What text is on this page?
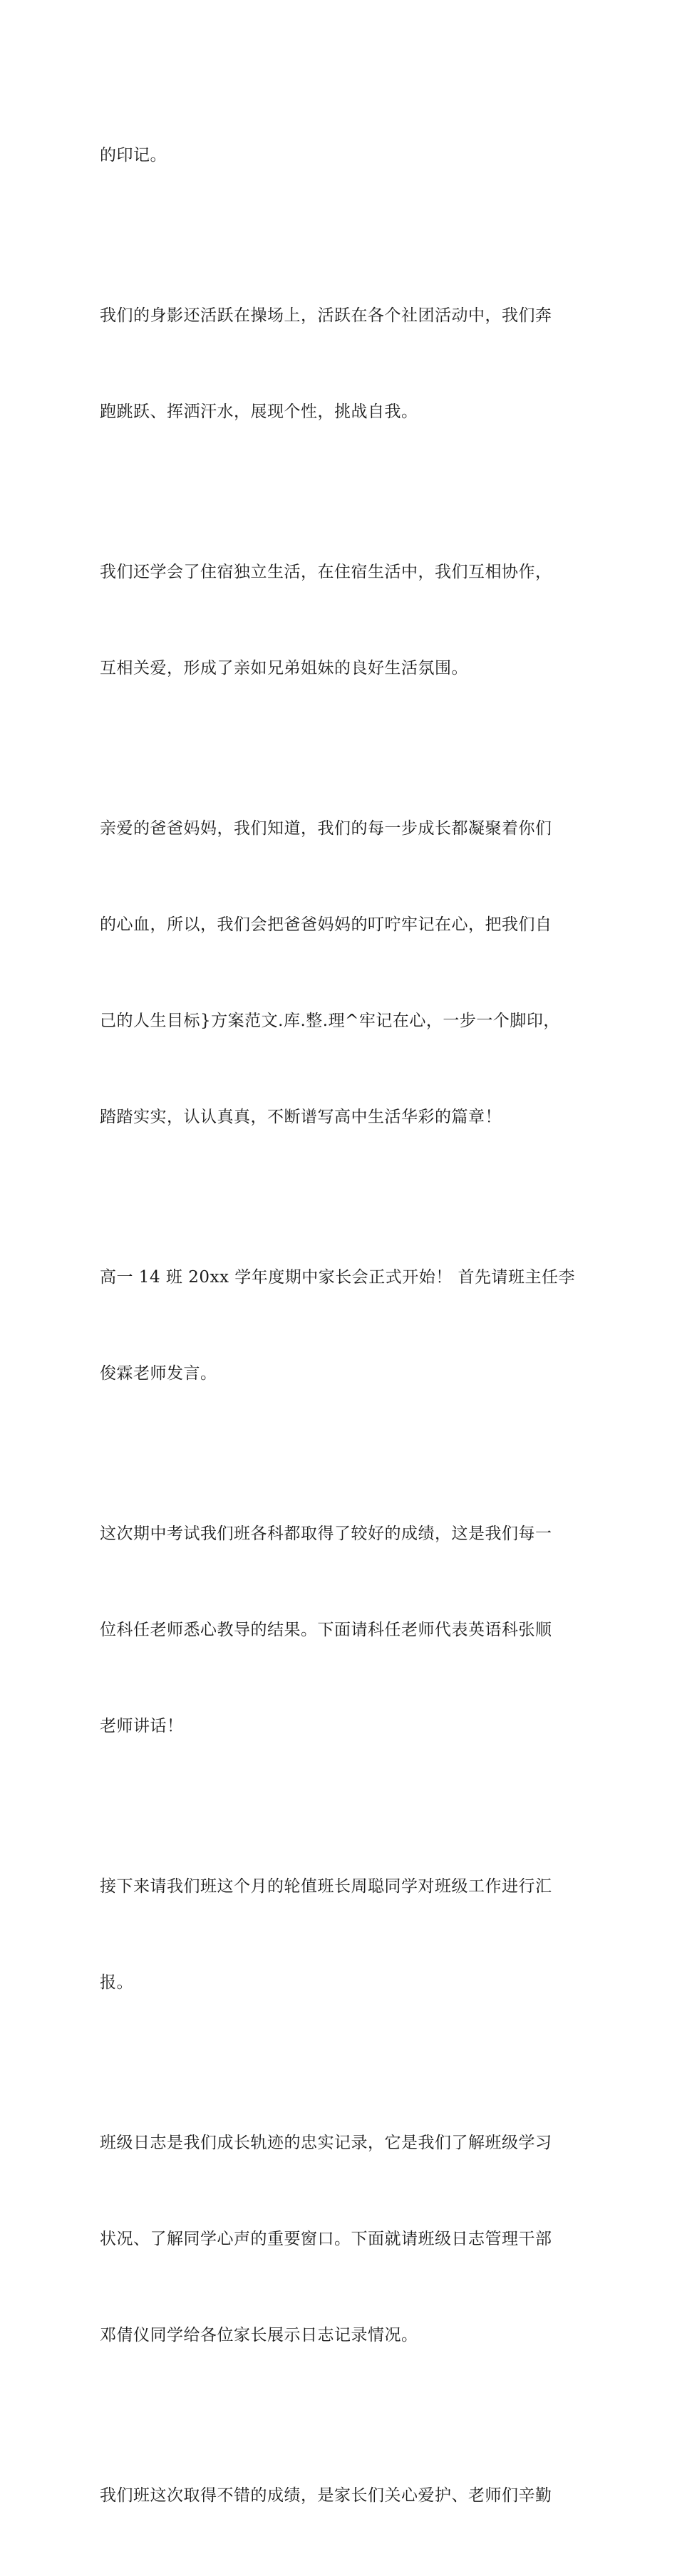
的印记。

我们的身影还活跃在操场上，活跃在各个社团活动中，我们奔

跑跳跃、挥洒汗水，展现个性，挑战自我。

我们还学会了住宿独立生活，在住宿生活中，我们互相协作，

互相关爱，形成了亲如兄弟姐妹的良好生活氛围。

亲爱的爸爸妈妈，我们知道，我们的每一步成长都凝聚着你们

的心血，所以，我们会把爸爸妈妈的叮咛牢记在心，把我们自

己的人生目标}方案范文.库.整.理^牢记在心，一步一个脚印，

踏踏实实，认认真真，不断谱写高中生活华彩的篇章！

高一 14 班 20xx 学年度期中家长会正式开始！ 首先请班主任李

俊霖老师发言。

这次期中考试我们班各科都取得了较好的成绩，这是我们每一

位科任老师悉心教导的结果。下面请科任老师代表英语科张顺

老师讲话！

接下来请我们班这个月的轮值班长周聪同学对班级工作进行汇

报。

班级日志是我们成长轨迹的忠实记录，它是我们了解班级学习

状况、了解同学心声的重要窗口。下面就请班级日志管理干部

邓倩仪同学给各位家长展示日志记录情况。

我们班这次取得不错的成绩，是家长们关心爱护、老师们辛勤
